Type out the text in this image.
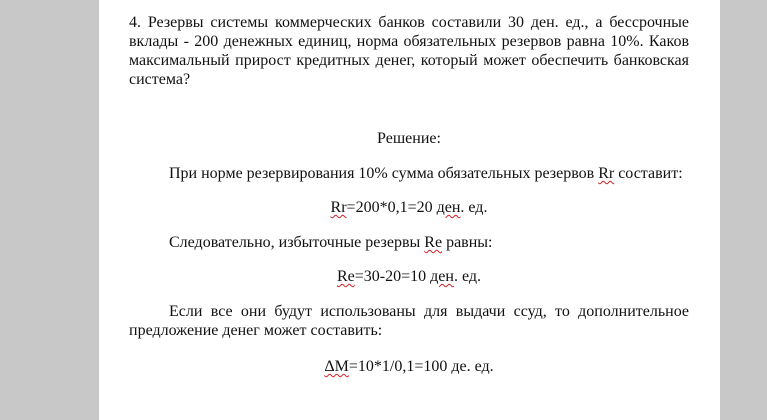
4. Резервы системы коммерческих банков составили 30 ден. ед., а бессрочные вклады - 200 денежных единиц, норма обязательных резервов равна 10%. Каков максимальный прирост кредитных денег, который может обеспечить банковская система?

Решение:

При норме резервирования 10% сумма обязательных резервов Rr составит:

Rr=200*0,1=20 ден. ед.

Следовательно, избыточные резервы Re равны:

Re=30-20=10 ден. ед.

Если все они будут использованы для выдачи ссуд, то дополнительное предложение денег может составить:

ΔМ=10*1/0,1=100 де. ед.
